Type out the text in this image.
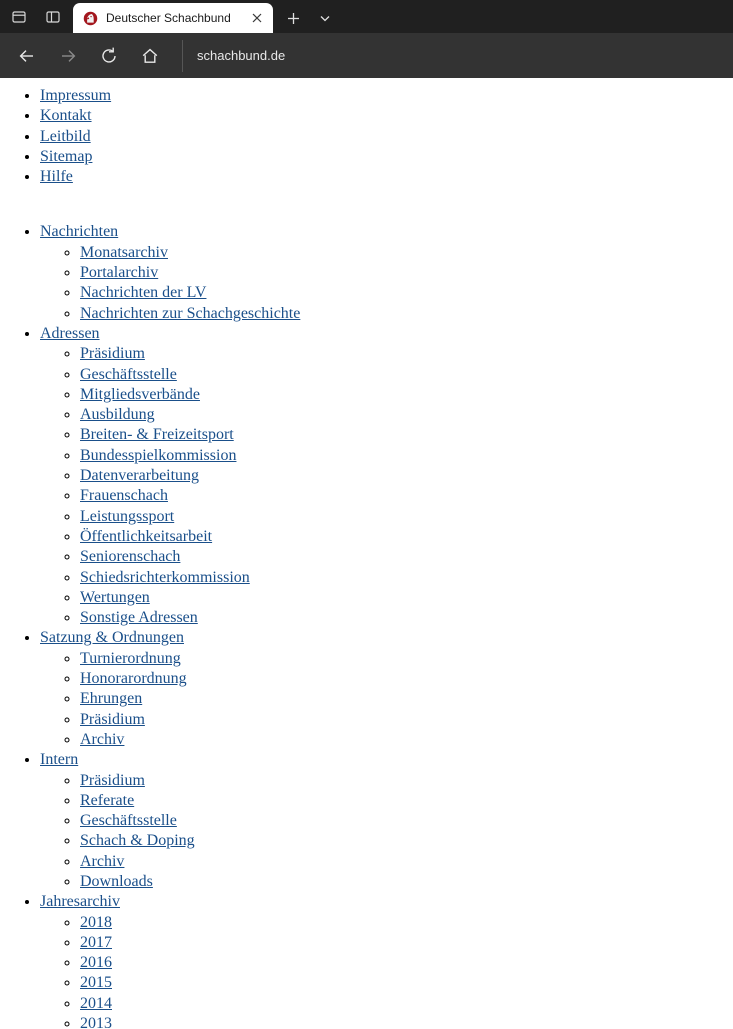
Deutscher Schachbund
schachbund.de
• Impressum
• Kontakt
• Leitbild
• Sitemap
• Hilfe
• Nachrichten
◦ Monatsarchiv
◦ Portalarchiv
◦ Nachrichten der LV
◦ Nachrichten zur Schachgeschichte
• Adressen
◦ Präsidium
◦ Geschäftsstelle
◦ Mitgliedsverbände
◦ Ausbildung
◦ Breiten- & Freizeitsport
◦ Bundesspielkommission
◦ Datenverarbeitung
◦ Frauenschach
◦ Leistungssport
◦ Öffentlichkeitsarbeit
◦ Seniorenschach
◦ Schiedsrichterkommission
◦ Wertungen
◦ Sonstige Adressen
• Satzung & Ordnungen
◦ Turnierordnung
◦ Honorarordnung
◦ Ehrungen
◦ Präsidium
◦ Archiv
• Intern
◦ Präsidium
◦ Referate
◦ Geschäftsstelle
◦ Schach & Doping
◦ Archiv
◦ Downloads
• Jahresarchiv
◦ 2018
◦ 2017
◦ 2016
◦ 2015
◦ 2014
◦ 2013
